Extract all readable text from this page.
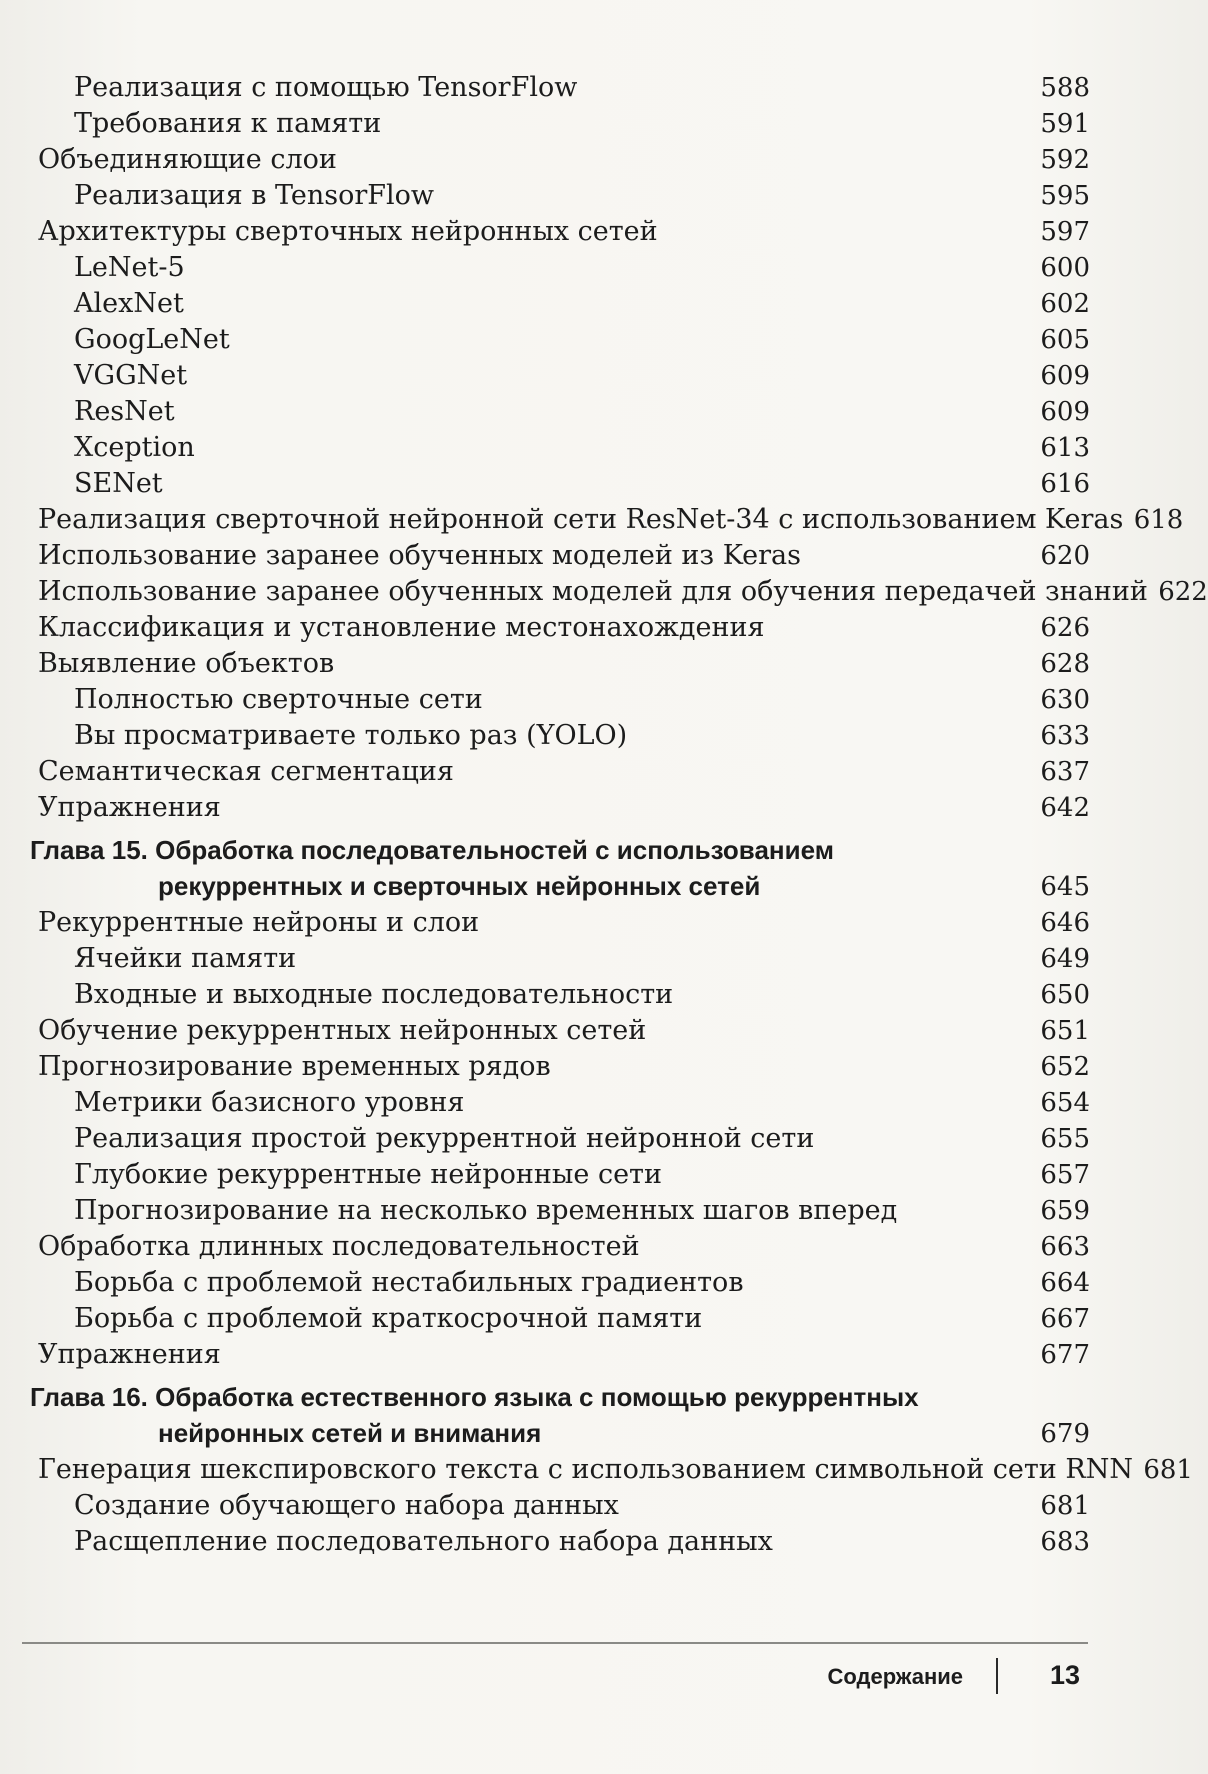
Реализация с помощью TensorFlow	588
Требования к памяти	591
Объединяющие слои	592
Реализация в TensorFlow	595
Архитектуры сверточных нейронных сетей	597
LeNet-5	600
AlexNet	602
GoogLeNet	605
VGGNet	609
ResNet	609
Xception	613
SENet	616
Реализация сверточной нейронной сети ResNet-34 с использованием Keras 618
Использование заранее обученных моделей из Keras	620
Использование заранее обученных моделей для обучения передачей знаний 622
Классификация и установление местонахождения	626
Выявление объектов	628
Полностью сверточные сети	630
Вы просматриваете только раз (YOLO)	633
Семантическая сегментация	637
Упражнения	642
Глава 15. Обработка последовательностей с использованием
рекуррентных и сверточных нейронных сетей	645
Рекуррентные нейроны и слои	646
Ячейки памяти	649
Входные и выходные последовательности	650
Обучение рекуррентных нейронных сетей	651
Прогнозирование временных рядов	652
Метрики базисного уровня	654
Реализация простой рекуррентной нейронной сети	655
Глубокие рекуррентные нейронные сети	657
Прогнозирование на несколько временных шагов вперед	659
Обработка длинных последовательностей	663
Борьба с проблемой нестабильных градиентов	664
Борьба с проблемой краткосрочной памяти	667
Упражнения	677
Глава 16. Обработка естественного языка с помощью рекуррентных
нейронных сетей и внимания	679
Генерация шекспировского текста с использованием символьной сети RNN 681
Создание обучающего набора данных	681
Расщепление последовательного набора данных	683
Содержание	13
